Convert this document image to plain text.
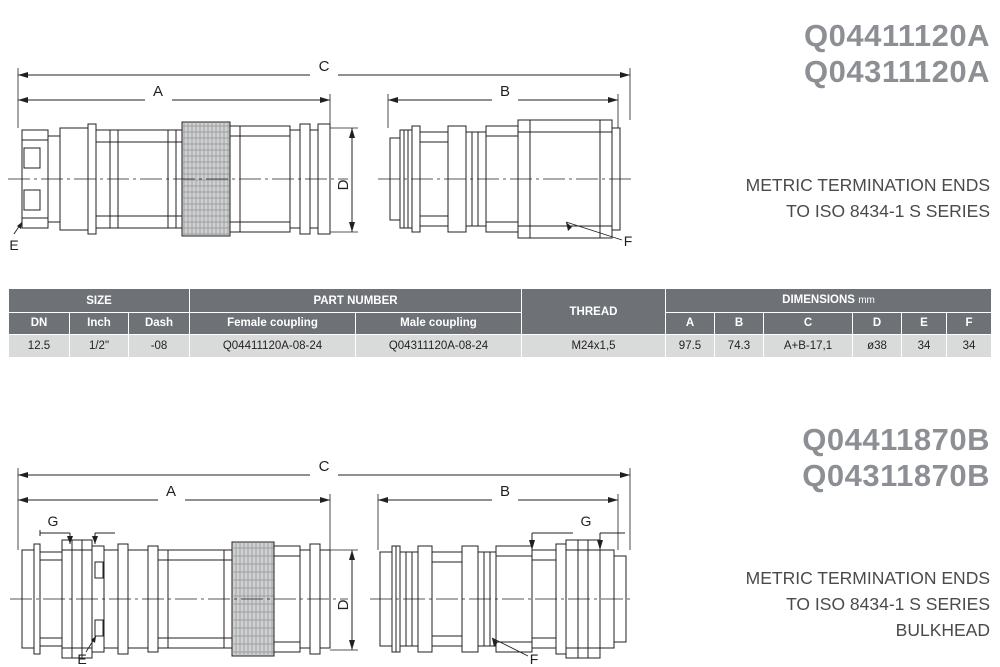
Q04411120A
Q04311120A
METRIC TERMINATION ENDS
TO ISO 8434-1 S SERIES
C
A	B
D
E	F
SIZE			PART NUMBER		THREAD	DIMENSIONS mm					
DN	Inch	Dash	Female coupling	Male coupling		A	B	C	D	E	F
12.5	1/2"	-08	Q04411120A-08-24	Q04311120A-08-24	M24x1,5	97.5	74.3	A+B-17,1	ø38	34	34
Q04411870B
Q04311870B
METRIC TERMINATION ENDS
TO ISO 8434-1 S SERIES
BULKHEAD
C
A	B
G	G
D
E	F
